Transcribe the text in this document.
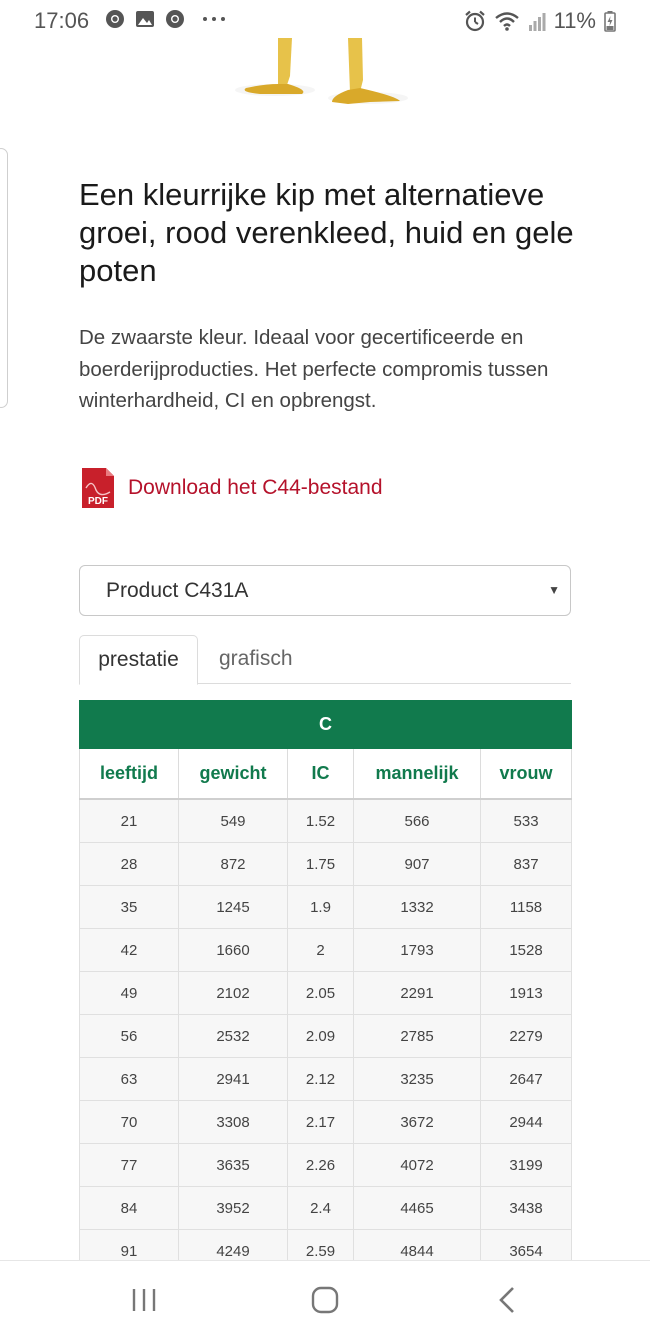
17:06	11%
Een kleurrijke kip met alternatieve groei, rood verenkleed, huid en gele poten

De zwaarste kleur. Ideaal voor gecertificeerde en boerderijproducties. Het perfecte compromis tussen winterhardheid, CI en opbrengst.

PDF
Download het C44-bestand
Product C431A	▼
prestatie	grafisch
C				
leeftijd	gewicht	IC	mannelijk	vrouw
21	549	1.52	566	533
28	872	1.75	907	837
35	1245	1.9	1332	1158
42	1660	2	1793	1528
49	2102	2.05	2291	1913
56	2532	2.09	2785	2279
63	2941	2.12	3235	2647
70	3308	2.17	3672	2944
77	3635	2.26	4072	3199
84	3952	2.4	4465	3438
91	4249	2.59	4844	3654
